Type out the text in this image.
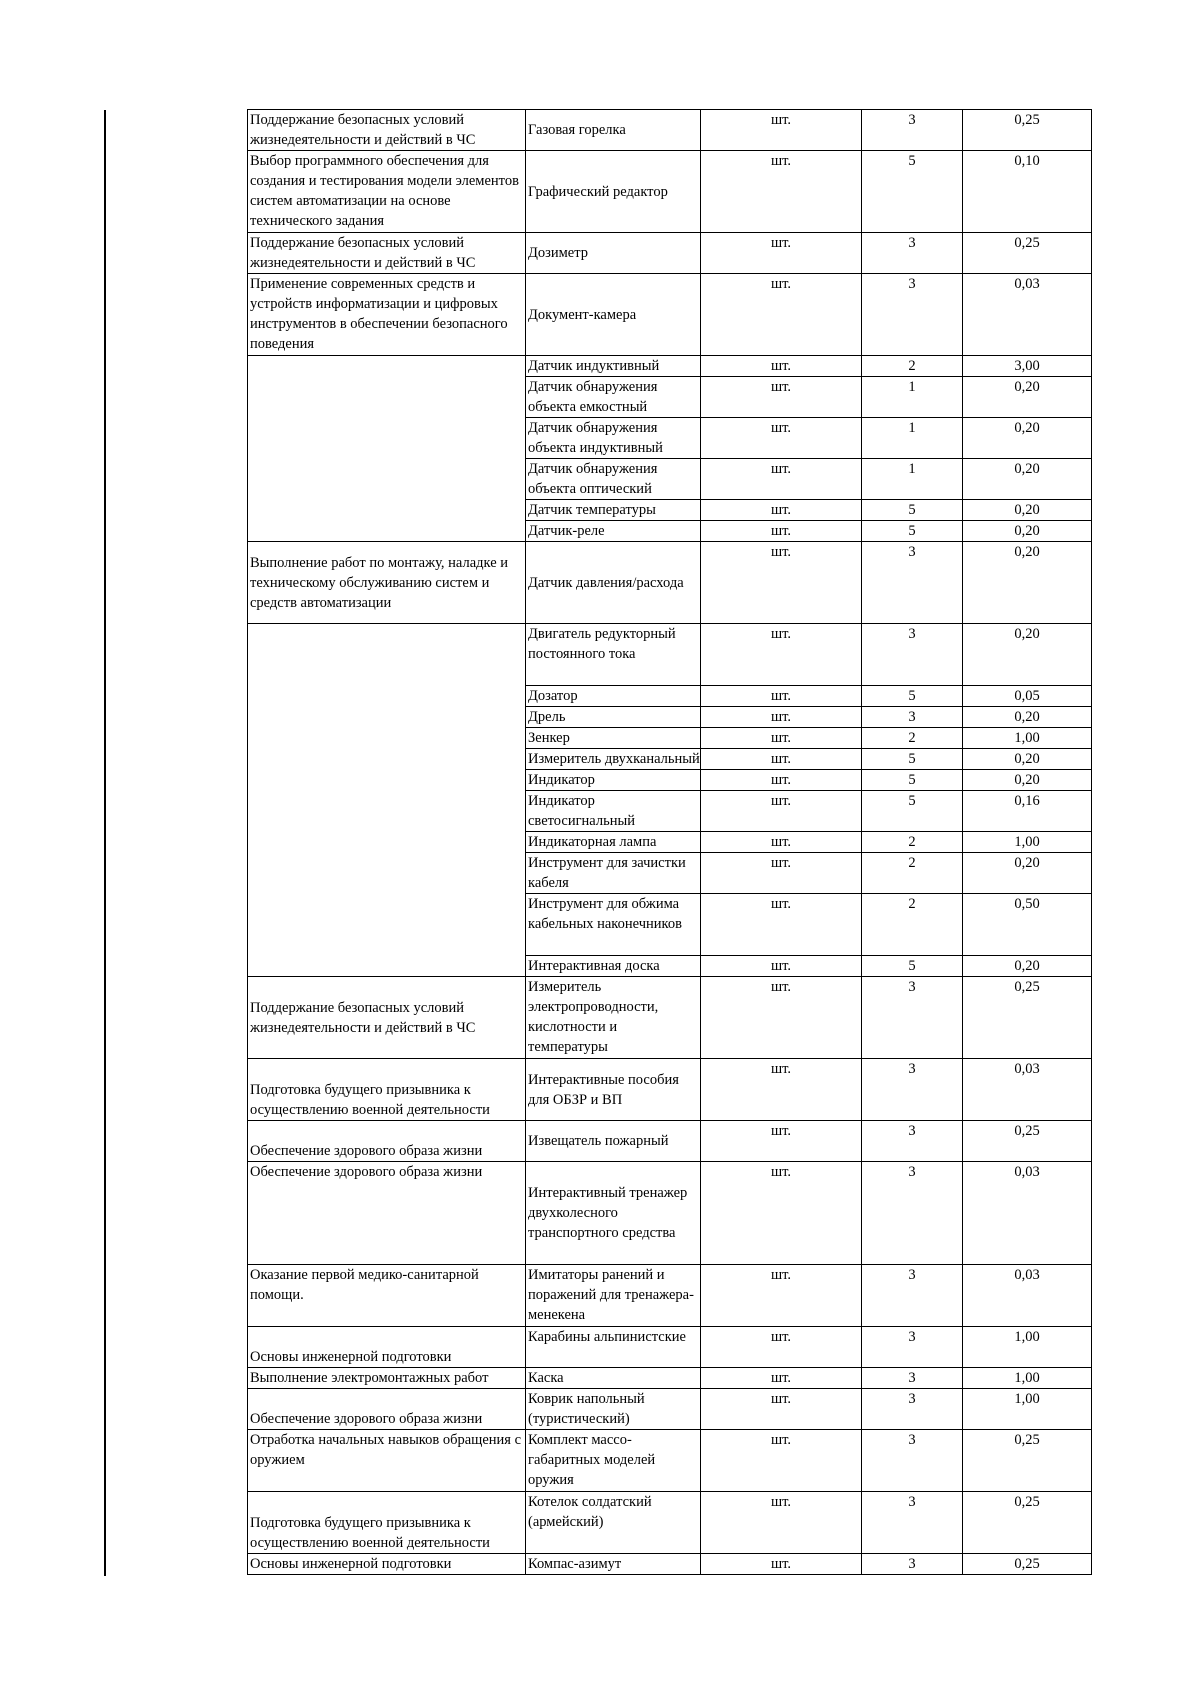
Поддержание безопасных условий жизнедеятельности и действий в ЧС	Газовая горелка	шт.	3	0,25
Выбор программного обеспечения для создания и тестирования модели элементов систем автоматизации на основе технического задания	Графический редактор	шт.	5	0,10
Поддержание безопасных условий жизнедеятельности и действий в ЧС	Дозиметр	шт.	3	0,25
Применение современных средств и устройств информатизации и цифровых инструментов в обеспечении безопасного поведения	Документ-камера	шт.	3	0,03
	Датчик индуктивный	шт.	2	3,00
	Датчик обнаружения объекта емкостный	шт.	1	0,20
	Датчик обнаружения объекта индуктивный	шт.	1	0,20
	Датчик обнаружения объекта оптический	шт.	1	0,20
	Датчик температуры	шт.	5	0,20
	Датчик-реле	шт.	5	0,20
Выполнение работ по монтажу, наладке и техническому обслуживанию систем и средств автоматизации	Датчик давления/расхода	шт.	3	0,20
	Двигатель редукторный постоянного тока	шт.	3	0,20
	Дозатор	шт.	5	0,05
	Дрель	шт.	3	0,20
	Зенкер	шт.	2	1,00
	Измеритель двухканальный	шт.	5	0,20
	Индикатор	шт.	5	0,20
	Индикатор светосигнальный	шт.	5	0,16
	Индикаторная лампа	шт.	2	1,00
	Инструмент для зачистки кабеля	шт.	2	0,20
	Инструмент для обжима кабельных наконечников	шт.	2	0,50
	Интерактивная доска	шт.	5	0,20
Поддержание безопасных условий жизнедеятельности и действий в ЧС	Измеритель электропроводности, кислотности и температуры	шт.	3	0,25
Подготовка будущего призывника к осуществлению военной деятельности	Интерактивные пособия для ОБЗР и ВП	шт.	3	0,03
Обеспечение здорового образа жизни	Извещатель пожарный	шт.	3	0,25
Обеспечение здорового образа жизни	Интерактивный тренажер двухколесного транспортного средства	шт.	3	0,03
Оказание первой медико-санитарной помощи.	Имитаторы ранений и поражений для тренажера-менекена	шт.	3	0,03
Основы инженерной подготовки	Карабины альпинистские	шт.	3	1,00
Выполнение электромонтажных работ	Каска	шт.	3	1,00
Обеспечение здорового образа жизни	Коврик напольный (туристический)	шт.	3	1,00
Отработка начальных навыков обращения с оружием	Комплект массо-габаритных моделей оружия	шт.	3	0,25
Подготовка будущего призывника к осуществлению военной деятельности	Котелок солдатский (армейский)	шт.	3	0,25
Основы инженерной подготовки	Компас-азимут	шт.	3	0,25
